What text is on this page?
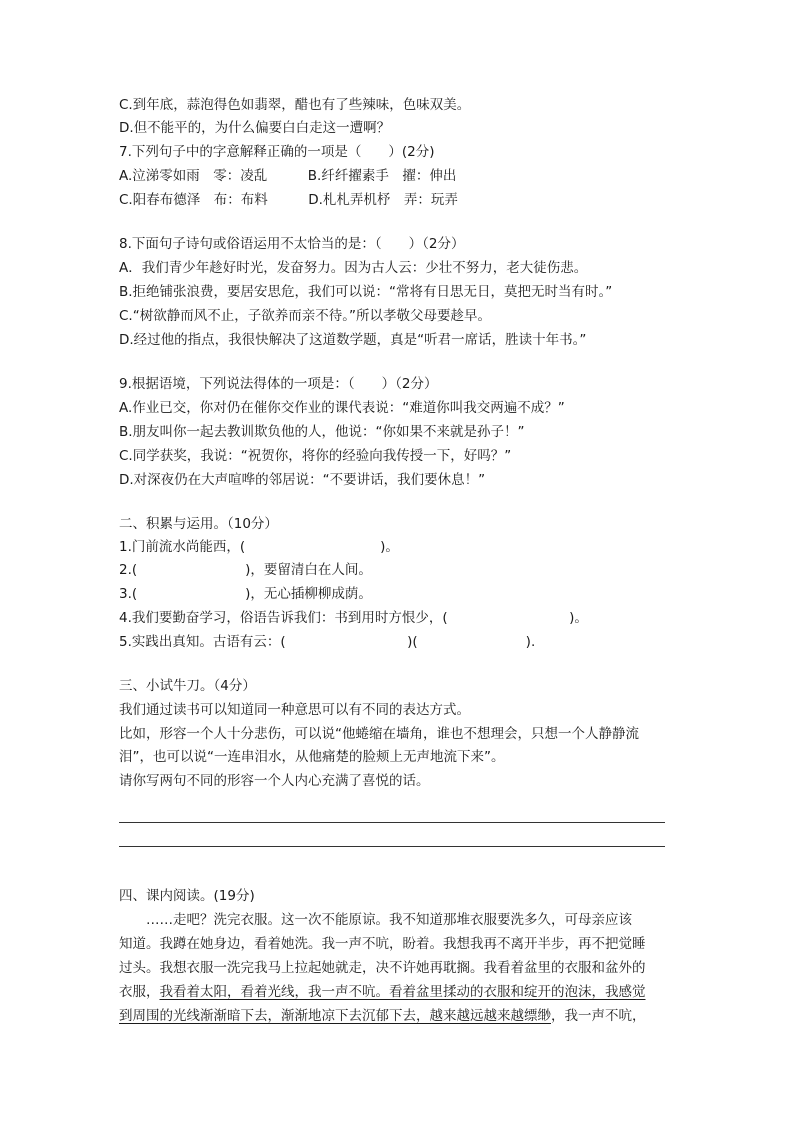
C.到年底，蒜泡得色如翡翠，醋也有了些辣味，色味双美。
D.但不能平的，为什么偏要白白走这一遭啊？
7.下列句子中的字意解释正确的一项是（　　）(2分)
A.泣涕零如雨　零：凌乱　　　B.纤纤擢素手　擢：伸出
C.阳春布德泽　布：布料　　　D.札札弄机杼　弄：玩弄
8.下面句子诗句或俗语运用不太恰当的是：（　　）（2分）
A．我们青少年趁好时光，发奋努力。因为古人云：少壮不努力，老大徒伤悲。
B.拒绝铺张浪费，要居安思危，我们可以说：“常将有日思无日，莫把无时当有时。”
C.“树欲静而风不止，子欲养而亲不待。”所以孝敬父母要趁早。
D.经过他的指点，我很快解决了这道数学题，真是“听君一席话，胜读十年书。”
9.根据语境，下列说法得体的一项是：（　　）（2分）
A.作业已交，你对仍在催你交作业的课代表说：“难道你叫我交两遍不成？”
B.朋友叫你一起去教训欺负他的人，他说：“你如果不来就是孙子！”
C.同学获奖，我说：“祝贺你，将你的经验向我传授一下，好吗？”
D.对深夜仍在大声喧哗的邻居说：“不要讲话，我们要休息！”
二、积累与运用。（10分）
1.门前流水尚能西，(　　　　　　　　　　)。
2.(　　　　　　　　)，要留清白在人间。
3.(　　　　　　　　)，无心插柳柳成荫。
4.我们要勤奋学习，俗语告诉我们：书到用时方恨少，(　　　　　　　　　)。
5.实践出真知。古语有云：(　　　　　　　　　)(　　　　　　　　).
三、小试牛刀。（4分）
我们通过读书可以知道同一种意思可以有不同的表达方式。
比如，形容一个人十分悲伤，可以说“他蜷缩在墙角，谁也不想理会，只想一个人静静流
泪”，也可以说“一连串泪水，从他痛楚的脸颊上无声地流下来”。
请你写两句不同的形容一个人内心充满了喜悦的话。
四、课内阅读。(19分)
　　……走吧？洗完衣服。这一次不能原谅。我不知道那堆衣服要洗多久，可母亲应该
知道。我蹲在她身边，看着她洗。我一声不吭，盼着。我想我再不离开半步，再不把觉睡
过头。我想衣服一洗完我马上拉起她就走，决不许她再耽搁。我看着盆里的衣服和盆外的
衣服，我看着太阳，看着光线，我一声不吭。看着盆里揉动的衣服和绽开的泡沫，我感觉
到周围的光线渐渐暗下去，渐渐地凉下去沉郁下去，越来越远越来越缥缈，我一声不吭，
